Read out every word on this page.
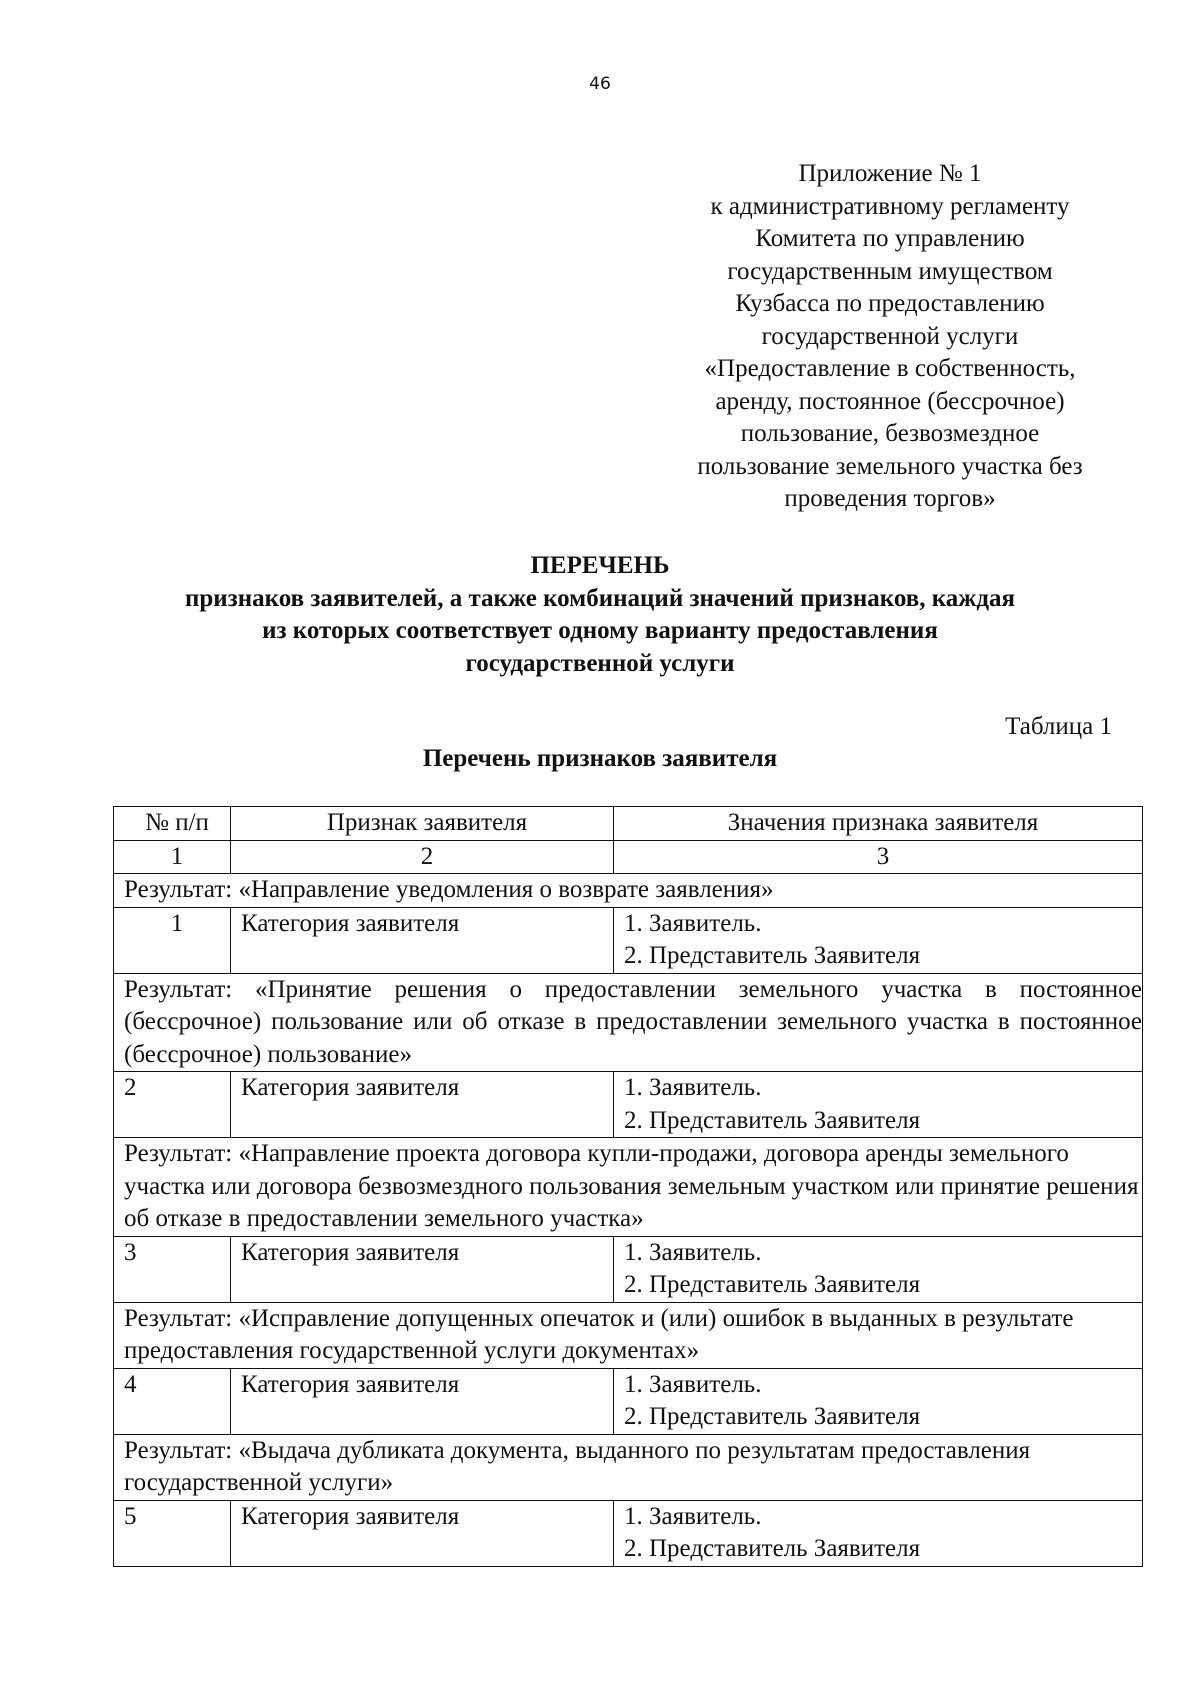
46
Приложение № 1
к административному регламенту
Комитета по управлению
государственным имуществом
Кузбасса по предоставлению
государственной услуги
«Предоставление в собственность,
аренду, постоянное (бессрочное)
пользование, безвозмездное
пользование земельного участка без
проведения торгов»
ПЕРЕЧЕНЬ
признаков заявителей, а также комбинаций значений признаков, каждая
из которых соответствует одному варианту предоставления
государственной услуги
Таблица 1
Перечень признаков заявителя
№ п/п	Признак заявителя	Значения признака заявителя
1	2	3
Результат: «Направление уведомления о возврате заявления»		
1	Категория заявителя	1. Заявитель.
2. Представитель Заявителя

Результат: «Принятие решения о предоставлении земельного участка в постоянное (бессрочное) пользование или об отказе в предоставлении земельного участка в постоянное (бессрочное) пользование»		
2	Категория заявителя	1. Заявитель.
2. Представитель Заявителя

Результат: «Направление проекта договора купли-продажи, договора аренды земельного участка или договора безвозмездного пользования земельным участком или принятие решения об отказе в предоставлении земельного участка»		
3	Категория заявителя	1. Заявитель.
2. Представитель Заявителя

Результат: «Исправление допущенных опечаток и (или) ошибок в выданных в результате предоставления государственной услуги документах»		
4	Категория заявителя	1. Заявитель.
2. Представитель Заявителя

Результат: «Выдача дубликата документа, выданного по результатам предоставления государственной услуги»		
5	Категория заявителя	1. Заявитель.
2. Представитель Заявителя
